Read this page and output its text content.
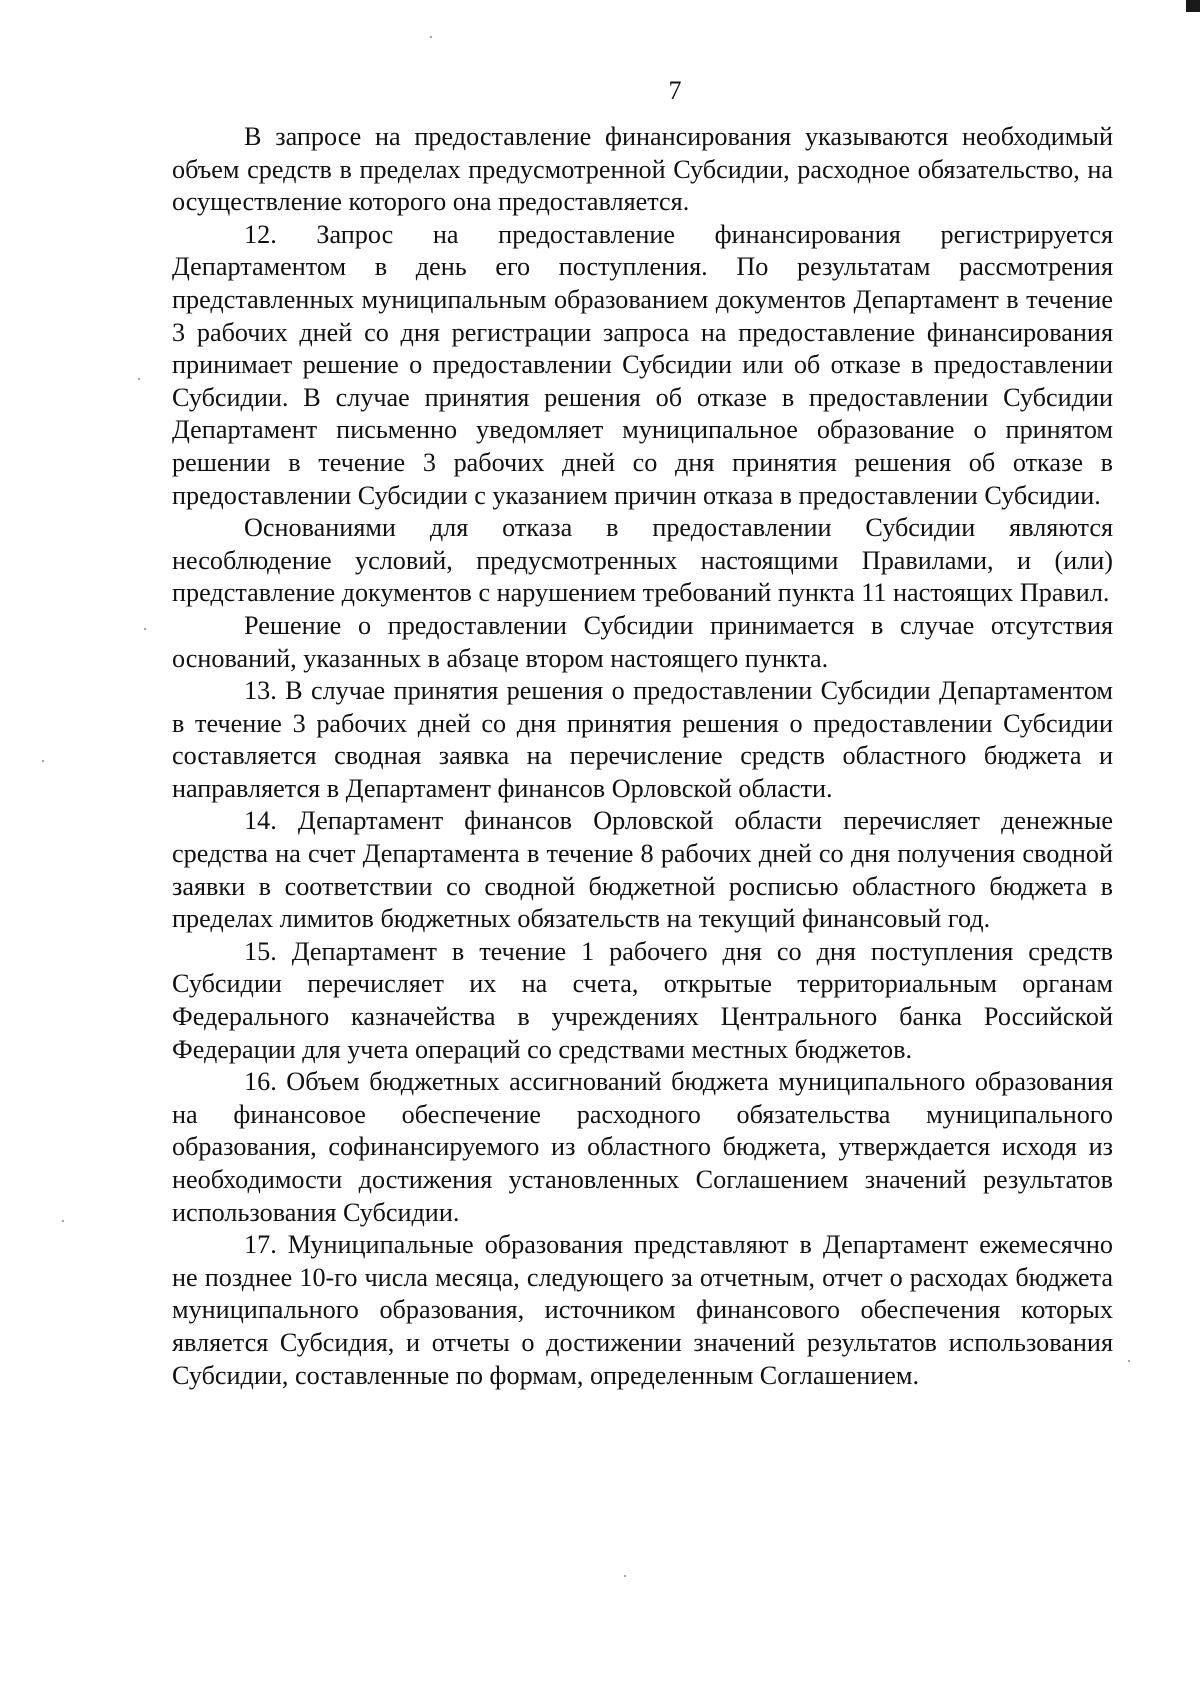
7

В запросе на предоставление финансирования указываются необходимый объем средств в пределах предусмотренной Субсидии, расходное обязательство, на осуществление которого она предоставляется.

12. Запрос на предоставление финансирования регистрируется Департаментом в день его поступления. По результатам рассмотрения представленных муниципальным образованием документов Департамент в течение 3 рабочих дней со дня регистрации запроса на предоставление финансирования принимает решение о предоставлении Субсидии или об отказе в предоставлении Субсидии. В случае принятия решения об отказе в предоставлении Субсидии Департамент письменно уведомляет муниципальное образование о принятом решении в течение 3 рабочих дней со дня принятия решения об отказе в предоставлении Субсидии с указанием причин отказа в предоставлении Субсидии.

Основаниями для отказа в предоставлении Субсидии являются несоблюдение условий, предусмотренных настоящими Правилами, и (или) представление документов с нарушением требований пункта 11 настоящих Правил.

Решение о предоставлении Субсидии принимается в случае отсутствия оснований, указанных в абзаце втором настоящего пункта.

13. В случае принятия решения о предоставлении Субсидии Департаментом в течение 3 рабочих дней со дня принятия решения о предоставлении Субсидии составляется сводная заявка на перечисление средств областного бюджета и направляется в Департамент финансов Орловской области.

14. Департамент финансов Орловской области перечисляет денежные средства на счет Департамента в течение 8 рабочих дней со дня получения сводной заявки в соответствии со сводной бюджетной росписью областного бюджета в пределах лимитов бюджетных обязательств на текущий финансовый год.

15. Департамент в течение 1 рабочего дня со дня поступления средств Субсидии перечисляет их на счета, открытые территориальным органам Федерального казначейства в учреждениях Центрального банка Российской Федерации для учета операций со средствами местных бюджетов.

16. Объем бюджетных ассигнований бюджета муниципального образования на финансовое обеспечение расходного обязательства муниципального образования, софинансируемого из областного бюджета, утверждается исходя из необходимости достижения установленных Соглашением значений результатов использования Субсидии.

17. Муниципальные образования представляют в Департамент ежемесячно не позднее 10-го числа месяца, следующего за отчетным, отчет о расходах бюджета муниципального образования, источником финансового обеспечения которых является Субсидия, и отчеты о достижении значений результатов использования Субсидии, составленные по формам, определенным Соглашением.
